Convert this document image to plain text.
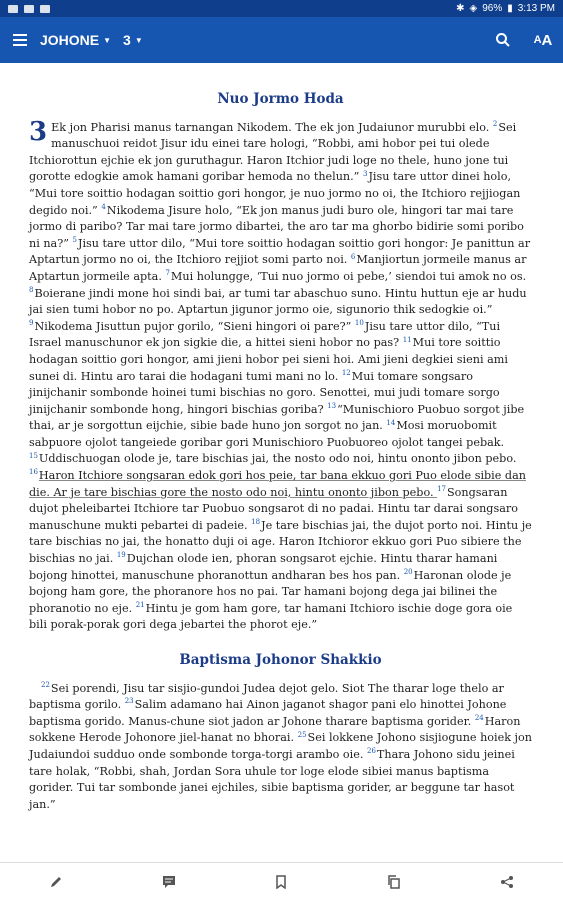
✱ ◈ 96% ▮ 3:13 PM
JOHONE ▼ 3 ▼	A A
Nuo Jormo Hoda
3 Ek jon Pharisi manus tarnangan Nikodem. The ek jon Judaiunor murubbi elo. $^2$Sei manuschuoi reidot Jisur idu einei tare hologi, “Robbi, ami hobor pei tui olede Itchiorottun ejchie ek jon guruthagur. Haron Itchior judi loge no thele, huno jone tui gorotte edogkie amok hamani goribar hemoda no thelun.” $^3$Jisu tare uttor dinei holo, “Mui tore soittio hodagan soittio gori hongor, je nuo jormo no oi, the Itchioro rejjiogan degido noi.” $^4$Nikodema Jisure holo, “Ek jon manus judi buro ole, hingori tar mai tare jormo di paribo? Tar mai tare jormo dibartei, the aro tar ma ghorbo bidirie somi poribo ni na?” $^5$Jisu tare uttor dilo, “Mui tore soittio hodagan soittio gori hongor: Je panittun ar Aptartun jormo no oi, the Itchioro rejjiot somi parto noi. $^6$Manjiortun jormeile manus ar Aptartun jormeile apta. $^7$Mui holungge, ‘Tui nuo jormo oi pebe,’ siendoi tui amok no os. $^8$Boierane jindi mone hoi sindi bai, ar tumi tar abaschuo suno. Hintu huttun eje ar hudu jai sien tumi hobor no po. Aptartun jigunor jormo oie, sigunorio thik sedogkie oi.” $^9$Nikodema Jisuttun pujor gorilo, “Sieni hingori oi pare?” $^{10}$Jisu tare uttor dilo, “Tui Israel manuschunor ek jon sigkie die, a hittei sieni hobor no pas? $^{11}$Mui tore soittio hodagan soittio gori hongor, ami jieni hobor pei sieni hoi. Ami jieni degkiei sieni ami sunei di. Hintu aro tarai die hodagani tumi mani no lo. $^{12}$Mui tomare songsaro jinijchanir sombonde hoinei tumi bischias no goro. Senottei, mui judi tomare sorgo jinijchanir sombonde hong, hingori bischias goriba? $^{13}$“Munischioro Puobuo sorgot jibe thai, ar je sorgottun eijchie, sibie bade huno jon sorgot no jan. $^{14}$Mosi moruobomit sabpuore ojolot tangeiede goribar gori Munischioro Puobuoreo ojolot tangei pebak. $^{15}$Uddischuogan olode je, tare bischias jai, the nosto odo noi, hintu ononto jibon pebo. $^{16}$Haron Itchiore songsaran edok gori hos peie, tar bana ekkuo gori Puo elode sibie dan die. Ar je tare bischias gore the nosto odo noi, hintu ononto jibon pebo. $^{17}$Songsaran dujot pheleibartei Itchiore tar Puobuo songsarot di no padai. Hintu tar darai songsaro manuschune mukti pebartei di padeie. $^{18}$Je tare bischias jai, the dujot porto noi. Hintu je tare bischias no jai, the honatto duji oi age. Haron Itchioror ekkuo gori Puo sibiere the bischias no jai. $^{19}$Dujchan olode ien, phoran songsarot ejchie. Hintu tharar hamani bojong hinottei, manuschune phoranottun andharan bes hos pan. $^{20}$Haronan olode je bojong ham gore, the phoranore hos no pai. Tar hamani bojong dega jai bilinei the phoranotio no eje. $^{21}$Hintu je gom ham gore, tar hamani Itchioro ischie doge gora oie bili porak-porak gori dega jebartei the phorot eje.”
Baptisma Johonor Shakkio
$^{22}$Sei porendi, Jisu tar sisjio-gundoi Judea dejot gelo. Siot The tharar loge thelo ar baptisma gorilo. $^{23}$Salim adamano hai Ainon jaganot shagor pani elo hinottei Johone baptisma gorido. Manus-chune siot jadon ar Johone tharare baptisma gorider. $^{24}$Haron sokkene Herode Johonore jiel-hanat no bhorai. $^{25}$Sei lokkene Johono sisjiogune hoiek jon Judaiundoi sudduo onde sombonde torga-torgi arambo oie. $^{26}$Thara Johono sidu jeinei tare holak, “Robbi, shah, Jordan Sora uhule tor loge elode sibiei manus baptisma gorider. Tui tar sombonde janei ejchiles, sibie baptisma gorider, ar beggune tar hasot jan.”
